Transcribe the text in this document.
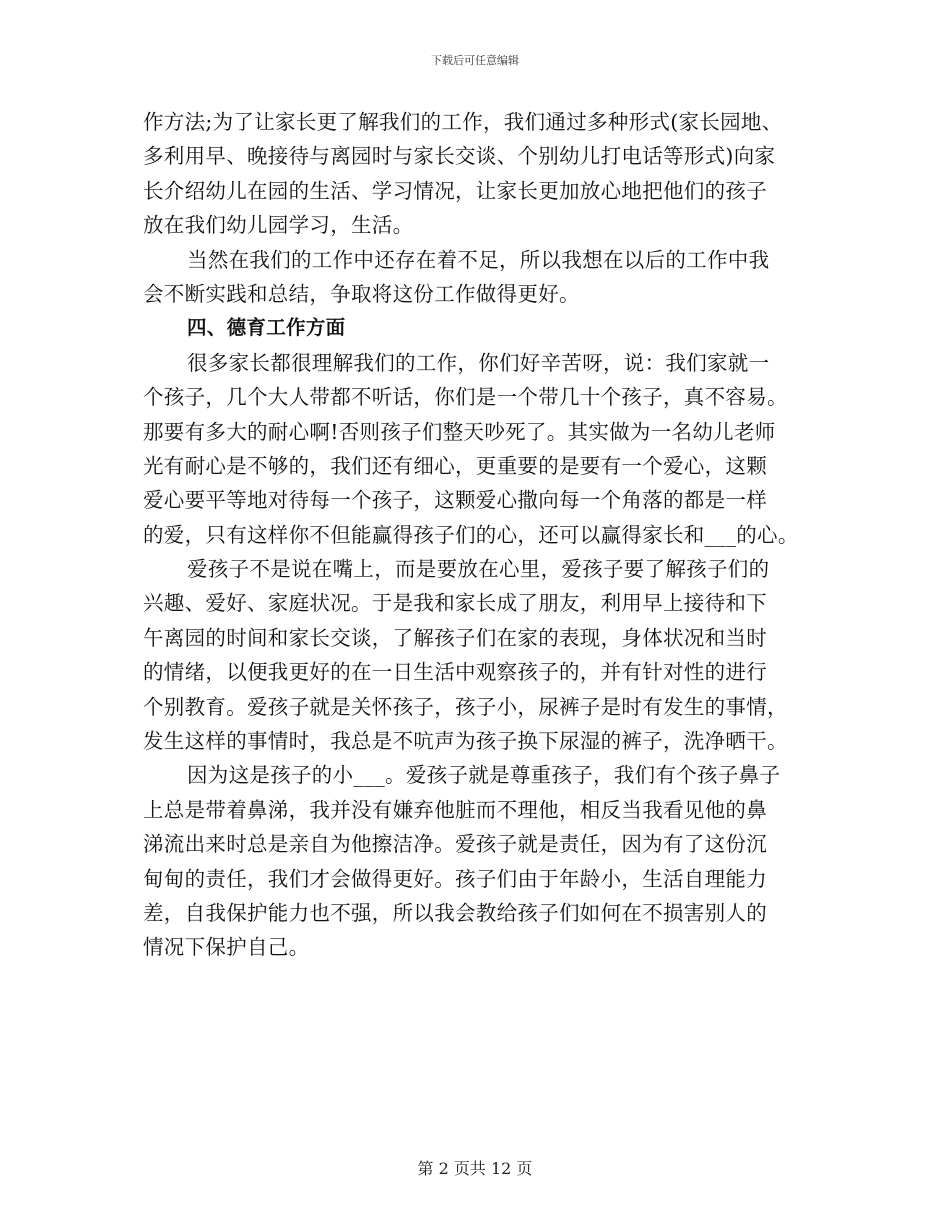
下载后可任意编辑
作方法;为了让家长更了解我们的工作，我们通过多种形式(家长园地、
多利用早、晚接待与离园时与家长交谈、个别幼儿打电话等形式)向家
长介绍幼儿在园的生活、学习情况，让家长更加放心地把他们的孩子
放在我们幼儿园学习，生活。
当然在我们的工作中还存在着不足，所以我想在以后的工作中我
会不断实践和总结，争取将这份工作做得更好。
四、德育工作方面
很多家长都很理解我们的工作，你们好辛苦呀，说：我们家就一
个孩子，几个大人带都不听话，你们是一个带几十个孩子，真不容易。
那要有多大的耐心啊!否则孩子们整天吵死了。其实做为一名幼儿老师
光有耐心是不够的，我们还有细心，更重要的是要有一个爱心，这颗
爱心要平等地对待每一个孩子，这颗爱心撒向每一个角落的都是一样
的爱，只有这样你不但能赢得孩子们的心，还可以赢得家长和___的心。
爱孩子不是说在嘴上，而是要放在心里，爱孩子要了解孩子们的
兴趣、爱好、家庭状况。于是我和家长成了朋友，利用早上接待和下
午离园的时间和家长交谈，了解孩子们在家的表现，身体状况和当时
的情绪，以便我更好的在一日生活中观察孩子的，并有针对性的进行
个别教育。爱孩子就是关怀孩子，孩子小，尿裤子是时有发生的事情，
发生这样的事情时，我总是不吭声为孩子换下尿湿的裤子，洗净晒干。
因为这是孩子的小___。爱孩子就是尊重孩子，我们有个孩子鼻子
上总是带着鼻涕，我并没有嫌弃他脏而不理他，相反当我看见他的鼻
涕流出来时总是亲自为他擦洁净。爱孩子就是责任，因为有了这份沉
甸甸的责任，我们才会做得更好。孩子们由于年龄小，生活自理能力
差，自我保护能力也不强，所以我会教给孩子们如何在不损害别人的
情况下保护自己。
第 2 页共 12 页
